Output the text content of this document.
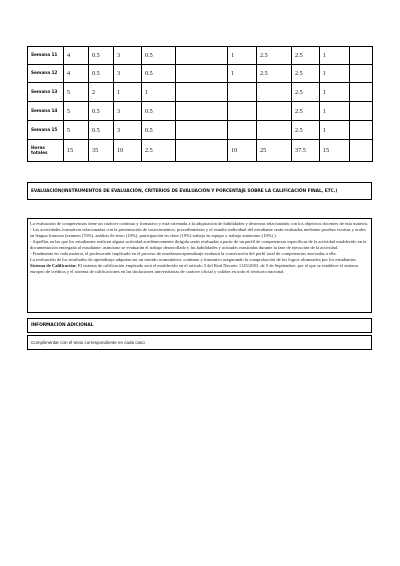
Semana 11	4	0.5	3	0.5		1	2.5	2.5	1	
Semana 12	4	0.5	3	0.5		1	2.5	2.5	1	
Semana 13	5	2	1	1				2.5	1	
Semana 14	5	0.5	3	0.5				2.5	1	
Semana 15	5	0.5	3	0.5				2.5	1	

Horas
totales	15	35	10	2.5		10	25	37.5	15	
EVALUACIÓN(INSTRUMENTOS DE EVALUACIÓN, CRITERIOS DE EVALUACIÓN Y PORCENTAJE SOBRE LA CALIFICACIÓN FINAL, ETC.)

La evaluación de competencias tiene un carácter continuo y formativo y está orientada a la adquisición de habilidades y destrezas relacionadas con los objetivos docentes de esta materia.

- Las actividades formativas relacionadas con la presentación de conocimientos, procedimientos y el estudio individual del estudiante serán evaluadas mediante pruebas escritas y orales en lengua francesa (examen (70%), análisis de texto (10%), participación en clase (10%) trabajo en equipo y trabajo autónomo (10%) ).

- Aquéllas en las que los estudiantes realicen alguna actividad académicamente dirigida serán evaluadas a partir de un perfil de competencias específicas de la actividad establecido en la documentación entregada al estudiante; asimismo se evaluarán el trabajo desarrollado y las habilidades y actitudes mostradas durante la fase de ejecución de la actividad.

- Finalmente en cada materia, el profesorado implicado en el proceso de enseñanza-aprendizaje evaluará la consecución del perfil total de competencias asociadas a ella.

La evaluación de los resultados de aprendizaje adquiere así un sentido acumulativo, continuo y formativo asegurando la comprobación de los logros alcanzados por los estudiantes.

Sistema de Calificación: El sistema de calificación empleado será el establecido en el artículo 5 del Real Decreto 1125/2003, de 5 de Septiembre, por el que se establece el sistema europeo de créditos y el sistema de calificaciones en las titulaciones universitarias de carácter oficial y validez en todo el territorio nacional.

INFORMACIÓN ADICIONAL
Cumplimentar con el texto correspondiente en cada caso
